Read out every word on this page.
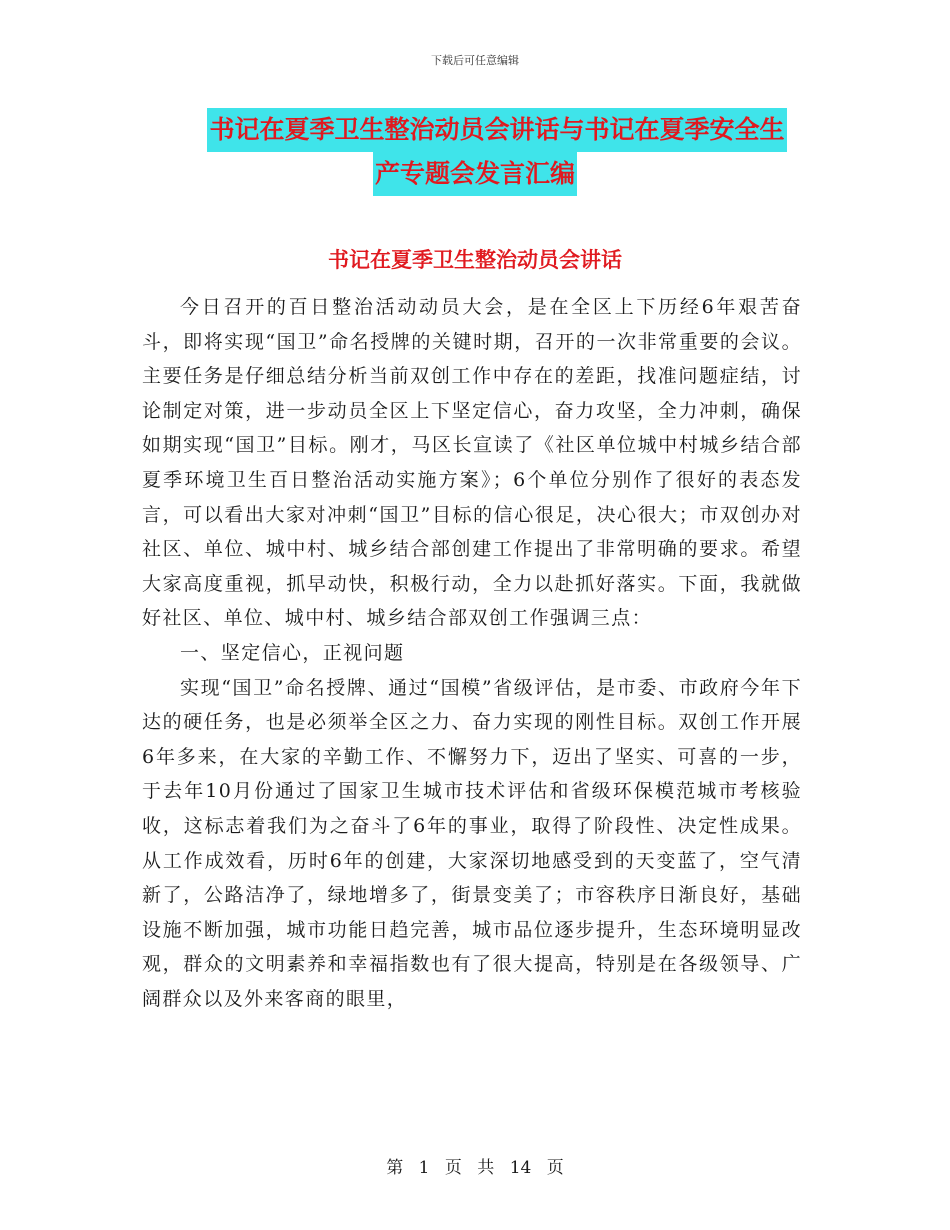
下载后可任意编辑
书记在夏季卫生整治动员会讲话与书记在夏季安全生
产专题会发言汇编
书记在夏季卫生整治动员会讲话

今日召开的百日整治活动动员大会，是在全区上下历经6年艰苦奋斗，即将实现“国卫”命名授牌的关键时期，召开的一次非常重要的会议。主要任务是仔细总结分析当前双创工作中存在的差距，找准问题症结，讨论制定对策，进一步动员全区上下坚定信心，奋力攻坚，全力冲刺，确保如期实现“国卫”目标。刚才，马区长宣读了《社区单位城中村城乡结合部夏季环境卫生百日整治活动实施方案》；6个单位分别作了很好的表态发言，可以看出大家对冲刺“国卫”目标的信心很足，决心很大；市双创办对社区、单位、城中村、城乡结合部创建工作提出了非常明确的要求。希望大家高度重视，抓早动快，积极行动，全力以赴抓好落实。下面，我就做好社区、单位、城中村、城乡结合部双创工作强调三点：

一、坚定信心，正视问题

实现“国卫”命名授牌、通过“国模”省级评估，是市委、市政府今年下达的硬任务，也是必须举全区之力、奋力实现的刚性目标。双创工作开展6年多来，在大家的辛勤工作、不懈努力下，迈出了坚实、可喜的一步，于去年10月份通过了国家卫生城市技术评估和省级环保模范城市考核验收，这标志着我们为之奋斗了6年的事业，取得了阶段性、决定性成果。从工作成效看，历时6年的创建，大家深切地感受到的天变蓝了，空气清新了，公路洁净了，绿地增多了，街景变美了；市容秩序日渐良好，基础设施不断加强，城市功能日趋完善，城市品位逐步提升，生态环境明显改观，群众的文明素养和幸福指数也有了很大提高，特别是在各级领导、广阔群众以及外来客商的眼里，

第 1 页 共 14 页
